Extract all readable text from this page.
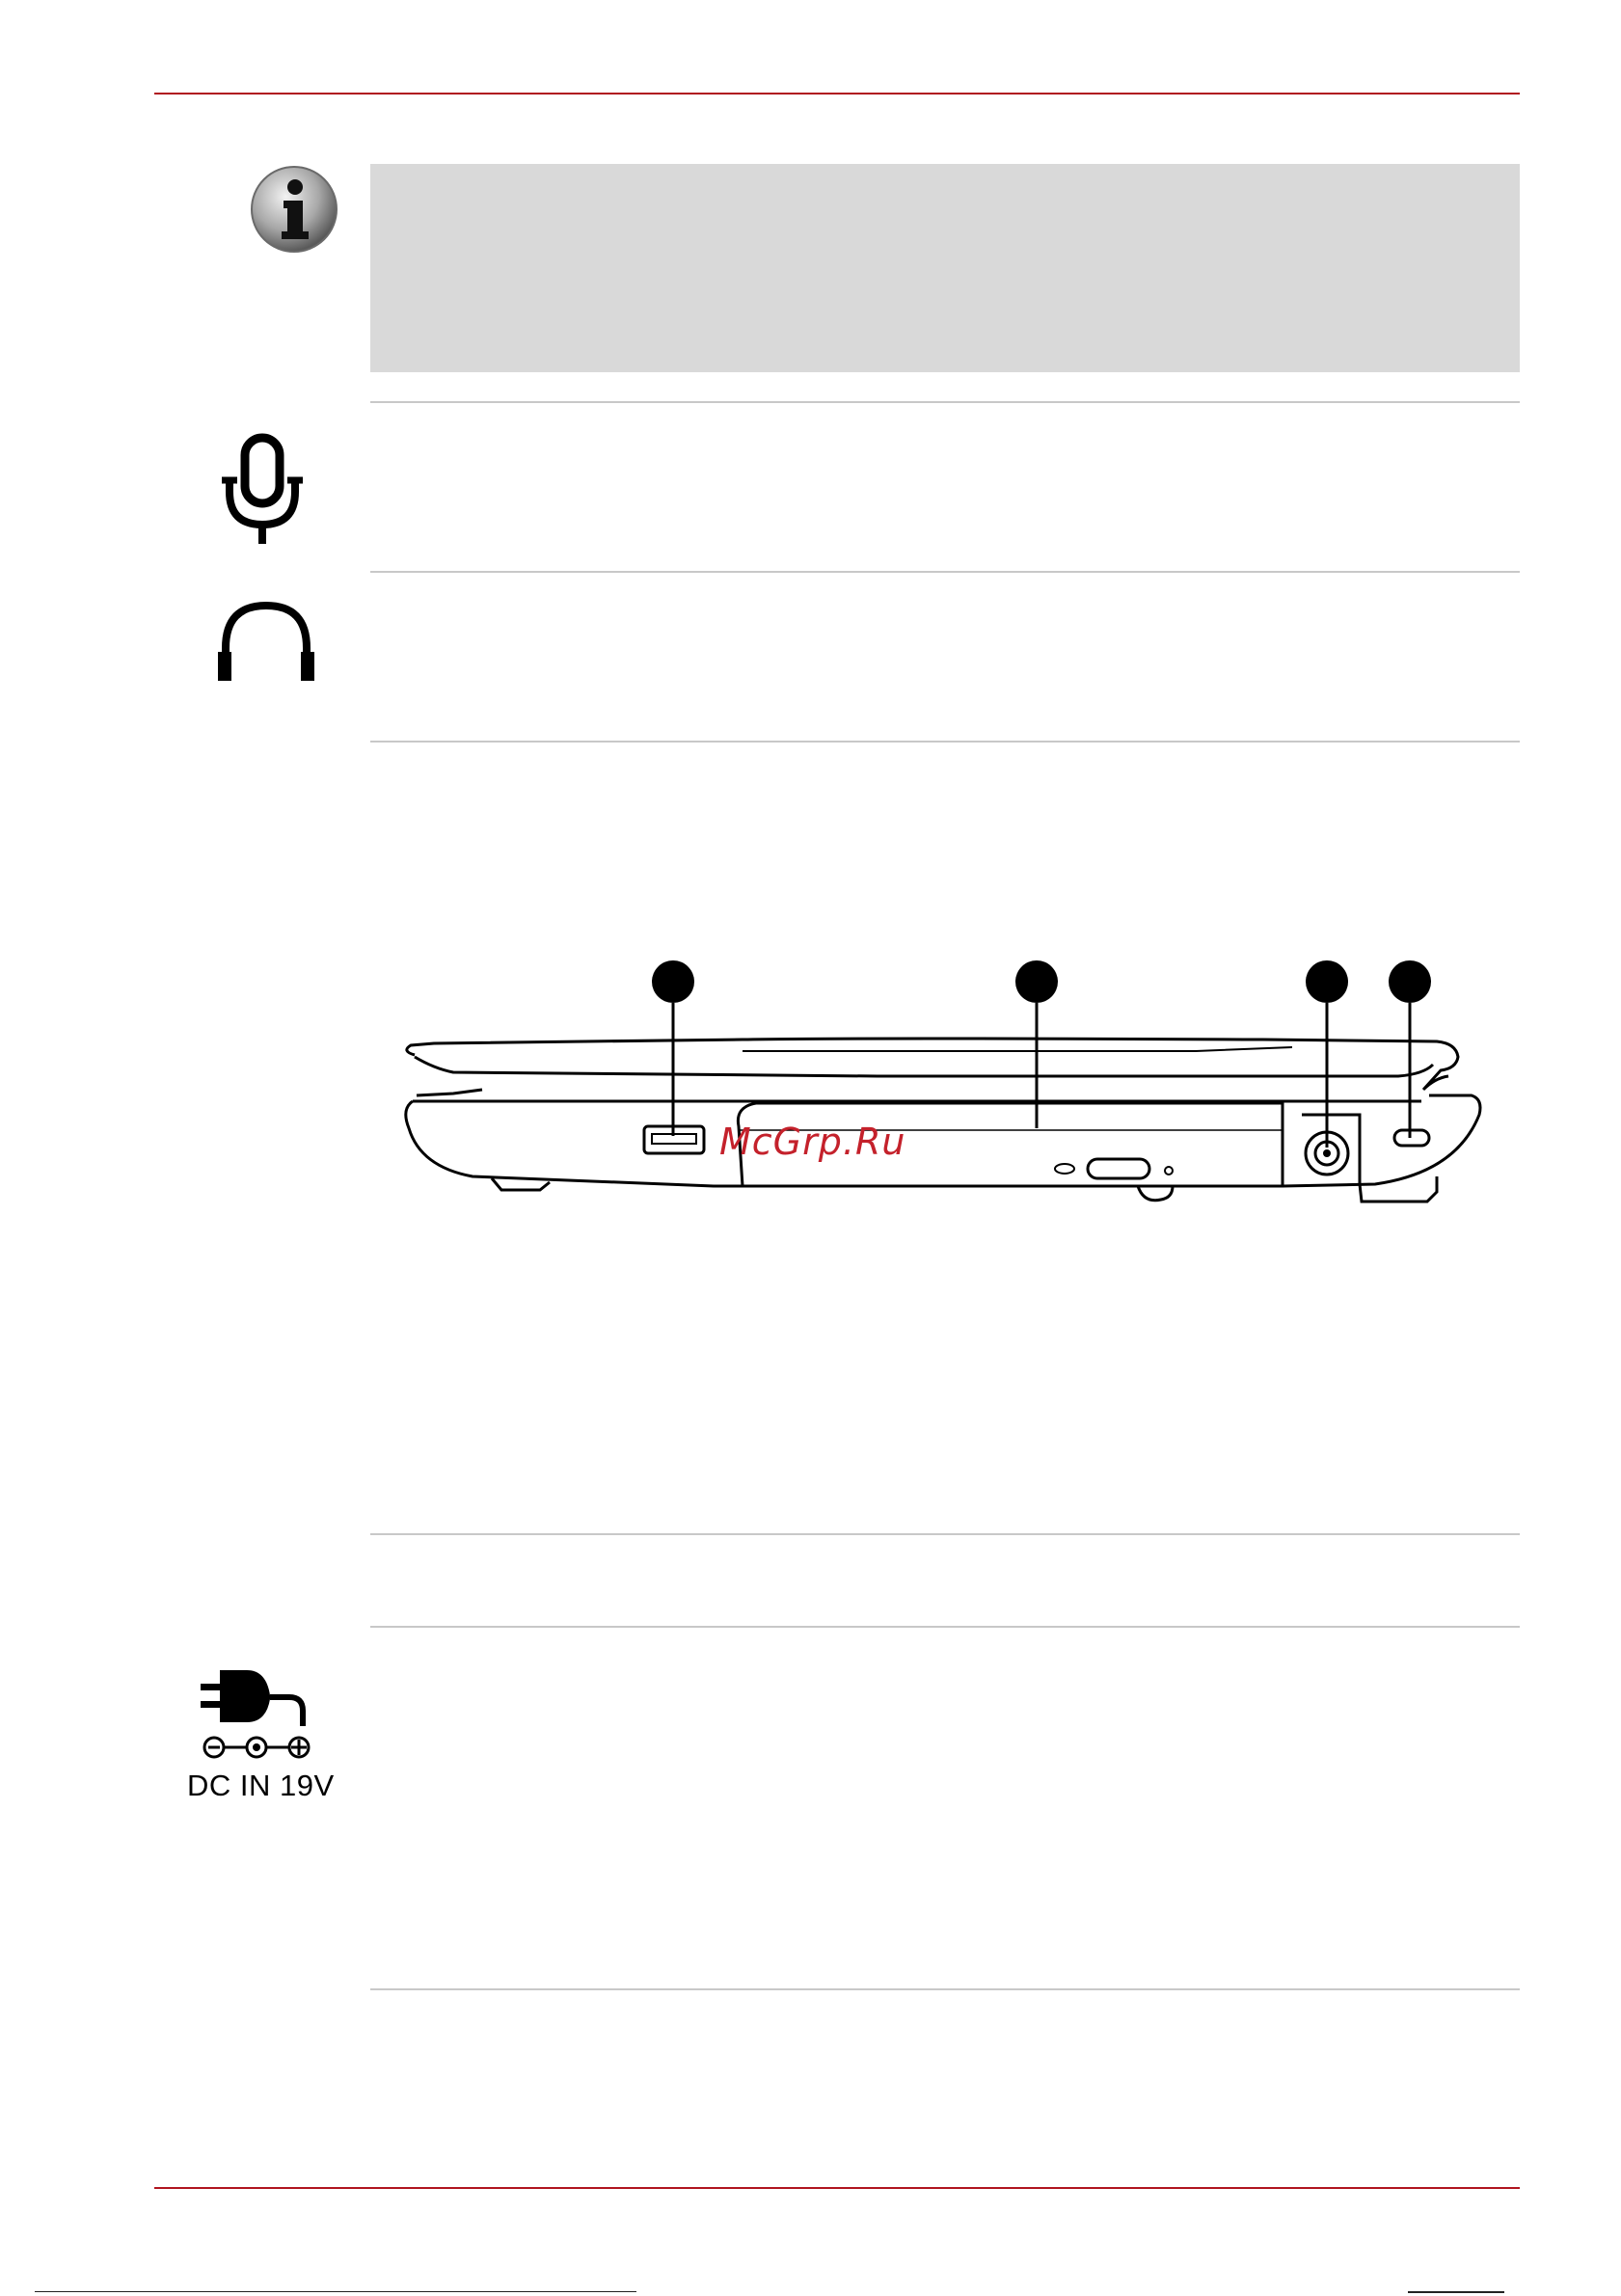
McGrp.Ru
DC IN 19V
